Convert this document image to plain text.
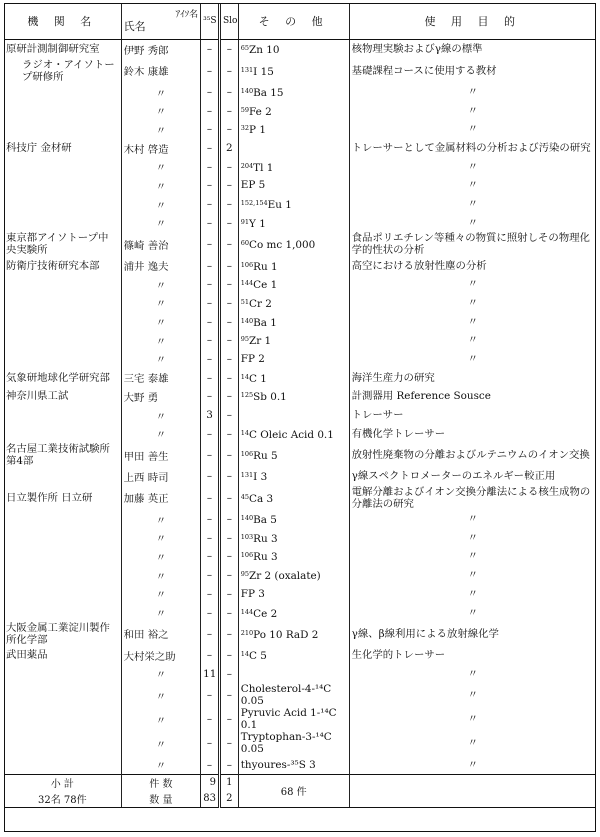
機 関 名	ｱｲｿ名
氏名	³⁵S	Slo	そ の 他	使 用 目 的
原研計測制御研究室	伊野 秀郎	–	–	$^{65}$Zn 10	核物理実験およびγ線の標準
ラジオ・アイソトープ研修所	鈴木 康雄	–	–	$^{131}$I 15	基礎課程コースに使用する教材
	〃	–	–	$^{140}$Ba 15	〃
	〃	–	–	$^{59}$Fe 2	〃
	〃	–	–	$^{32}$P 1	〃
科技庁 金材研	木村 啓造	–	2		トレーサーとして金属材料の分析および汚染の研究
	〃	–	–	$^{204}$Tl 1	〃
	〃	–	–	EP 5	〃
	〃	–	–	$^{152,154}$Eu 1	〃
	〃	–	–	$^{91}$Y 1	〃
東京都アイソトープ中央実験所	篠崎 善治	–	–	$^{60}$Co mc 1,000	食品ポリエチレン等種々の物質に照射しその物理化学的性状の分析
防衛庁技術研究本部	浦井 逸夫	–	–	$^{106}$Ru 1	高空における放射性塵の分析
	〃	–	–	$^{144}$Ce 1	〃
	〃	–	–	$^{51}$Cr 2	〃
	〃	–	–	$^{140}$Ba 1	〃
	〃	–	–	$^{95}$Zr 1	〃
	〃	–	–	FP 2	〃
気象研地球化学研究部	三宅 泰雄	–	–	$^{14}$C 1	海洋生産力の研究
神奈川県工試	大野 勇	–	–	$^{125}$Sb 0.1	計測器用 Reference Sousce
	〃	3	–		トレーサー
	〃	–	–	$^{14}$C Oleic Acid 0.1	有機化学トレーサー
名古屋工業技術試験所第4部	甲田 善生	–	–	$^{106}$Ru 5	放射性廃棄物の分離およびルテニウムのイオン交換
	上西 時司	–	–	$^{131}$I 3	γ線スペクトロメーターのエネルギー較正用
日立製作所 日立研	加藤 英正	–	–	$^{45}$Ca 3	電解分離およびイオン交換分離法による核生成物の分離法の研究
	〃	–	–	$^{140}$Ba 5	〃
	〃	–	–	$^{103}$Ru 3	〃
	〃	–	–	$^{106}$Ru 3	〃
	〃	–	–	$^{95}$Zr 2 (oxalate)	〃
	〃	–	–	FP 3	〃
	〃	–	–	$^{144}$Ce 2	〃
大阪金属工業淀川製作所化学部	和田 裕之	–	–	$^{210}$Po 10 RaD 2	γ線、β線利用による放射線化学
武田薬品	大村栄之助	–	–	$^{14}$C 5	生化学的トレーサー
	〃	11	–		〃
	〃	–	–	Cholesterol-4-¹⁴C 0.05	〃
	〃	–	–	Pyruvic Acid 1-¹⁴C 0.1	〃
	〃	–	–	Tryptophan-3-¹⁴C 0.05	〃
	〃	–	–	thyoures-³⁵S 3	〃
小 計	件 数	9	1	68 件	
32名 78件	数 量	83	2		
